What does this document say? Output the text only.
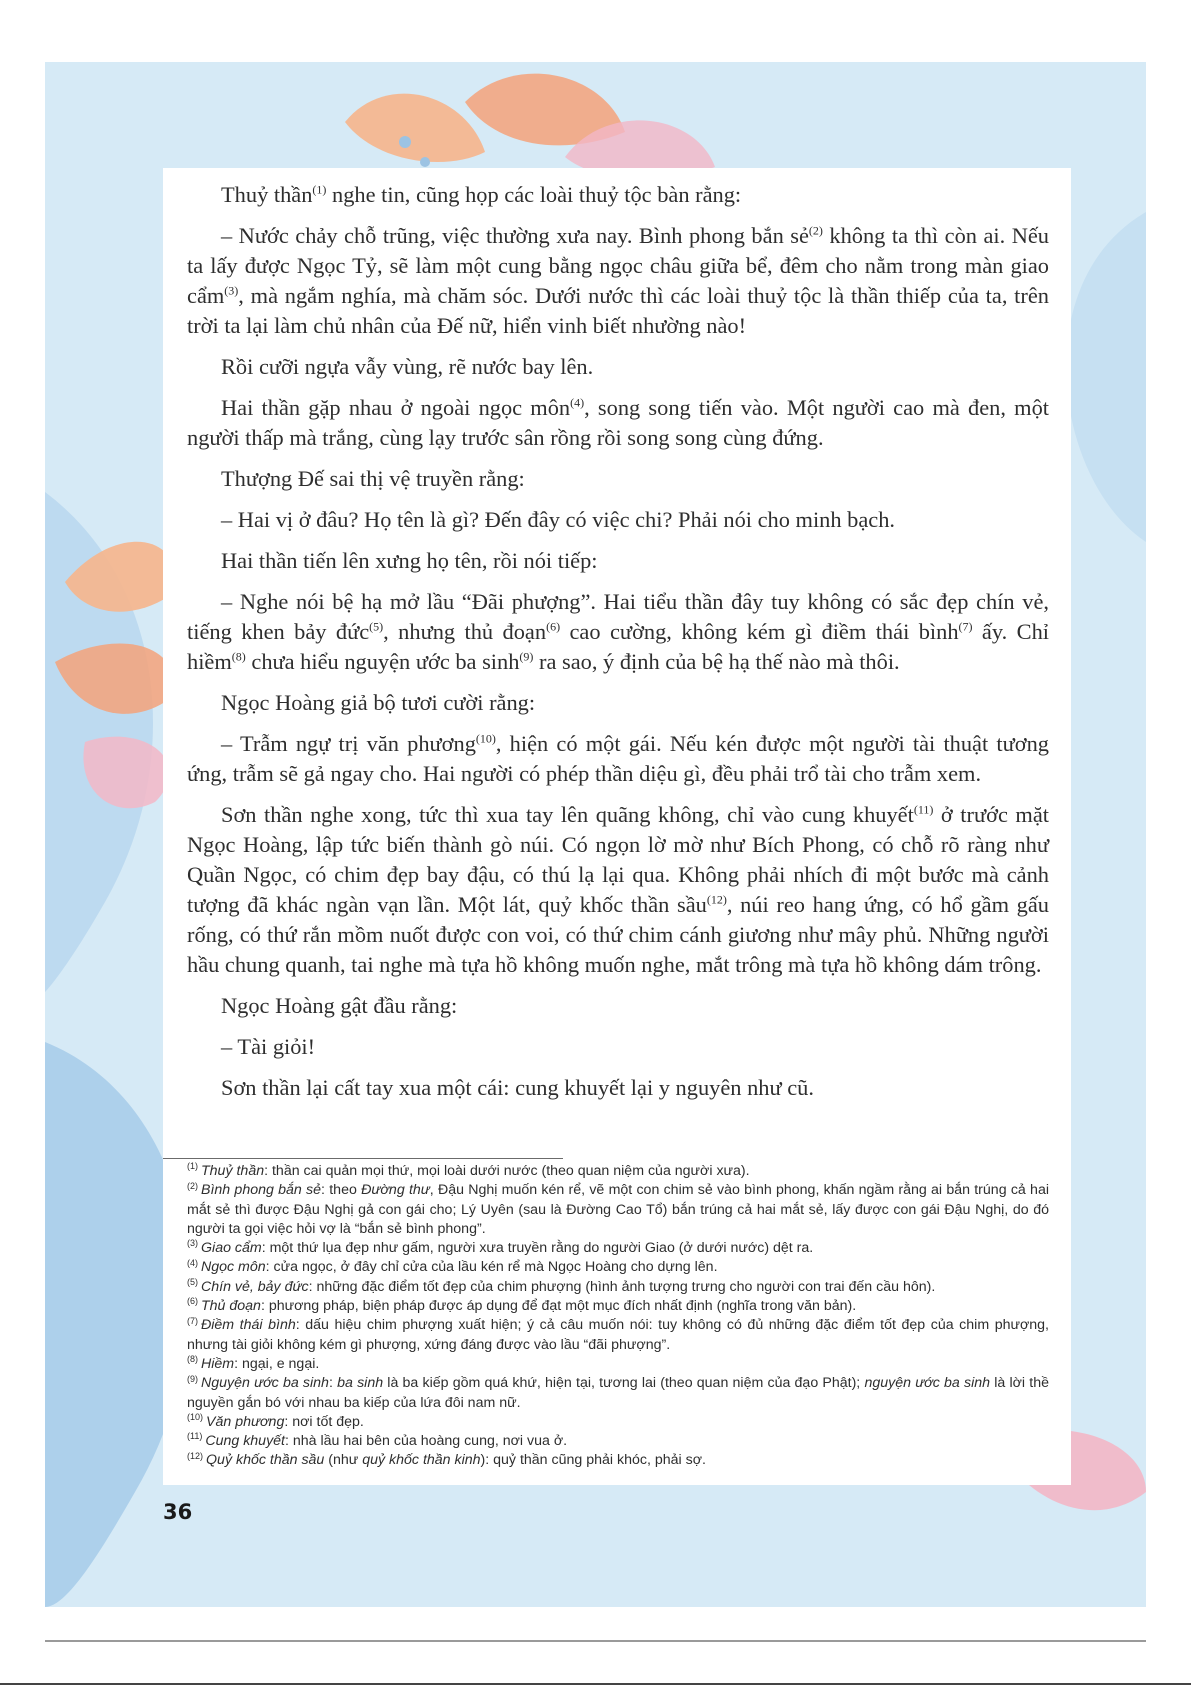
Thuỷ thần$^{(1)}$ nghe tin, cũng họp các loài thuỷ tộc bàn rằng:

– Nước chảy chỗ trũng, việc thường xưa nay. Bình phong bắn sẻ$^{(2)}$ không ta thì còn ai. Nếu ta lấy được Ngọc Tỷ, sẽ làm một cung bằng ngọc châu giữa bể, đêm cho nằm trong màn giao cẩm$^{(3)}$, mà ngắm nghía, mà chăm sóc. Dưới nước thì các loài thuỷ tộc là thần thiếp của ta, trên trời ta lại làm chủ nhân của Đế nữ, hiển vinh biết nhường nào!

Rồi cưỡi ngựa vẫy vùng, rẽ nước bay lên.

Hai thần gặp nhau ở ngoài ngọc môn$^{(4)}$, song song tiến vào. Một người cao mà đen, một người thấp mà trắng, cùng lạy trước sân rồng rồi song song cùng đứng.

Thượng Đế sai thị vệ truyền rằng:

– Hai vị ở đâu? Họ tên là gì? Đến đây có việc chi? Phải nói cho minh bạch.

Hai thần tiến lên xưng họ tên, rồi nói tiếp:

– Nghe nói bệ hạ mở lầu “Đãi phượng”. Hai tiểu thần đây tuy không có sắc đẹp chín vẻ, tiếng khen bảy đức$^{(5)}$, nhưng thủ đoạn$^{(6)}$ cao cường, không kém gì điềm thái bình$^{(7)}$ ấy. Chỉ hiềm$^{(8)}$ chưa hiểu nguyện ước ba $\sinh^{(9)}$ ra sao, ý định của bệ hạ thế nào mà thôi.

Ngọc Hoàng giả bộ tươi cười rằng:

– Trẫm ngự trị văn phương$^{(10)}$, hiện có một gái. Nếu kén được một người tài thuật tương ứng, trẫm sẽ gả ngay cho. Hai người có phép thần diệu gì, đều phải trổ tài cho trẫm xem.

Sơn thần nghe xong, tức thì xua tay lên quãng không, chỉ vào cung khuyết$^{(11)}$ ở trước mặt Ngọc Hoàng, lập tức biến thành gò núi. Có ngọn lờ mờ như Bích Phong, có chỗ rõ ràng như Quần Ngọc, có chim đẹp bay đậu, có thú lạ lại qua. Không phải nhích đi một bước mà cảnh tượng đã khác ngàn vạn lần. Một lát, quỷ khốc thần sầu$^{(12)}$, núi reo hang ứng, có hổ gầm gấu rống, có thứ rắn mồm nuốt được con voi, có thứ chim cánh giương như mây phủ. Những người hầu chung quanh, tai nghe mà tựa hồ không muốn nghe, mắt trông mà tựa hồ không dám trông.

Ngọc Hoàng gật đầu rằng:

– Tài giỏi!

Sơn thần lại cất tay xua một cái: cung khuyết lại y nguyên như cũ.

$^{(1)}$ Thuỷ thần: thần cai quản mọi thứ, mọi loài dưới nước (theo quan niệm của người xưa).
$^{(2)}$ Bình phong bắn sẻ: theo Đường thư, Đậu Nghị muốn kén rể, vẽ một con chim sẻ vào bình phong, khấn ngầm rằng ai bắn trúng cả hai mắt sẻ thì được Đậu Nghị gả con gái cho; Lý Uyên (sau là Đường Cao Tổ) bắn trúng cả hai mắt sẻ, lấy được con gái Đậu Nghị, do đó người ta gọi việc hỏi vợ là “bắn sẻ bình phong”.
$^{(3)}$ Giao cẩm: một thứ lụa đẹp như gấm, người xưa truyền rằng do người Giao (ở dưới nước) dệt ra.
$^{(4)}$ Ngọc môn: cửa ngọc, ở đây chỉ cửa của lầu kén rể mà Ngọc Hoàng cho dựng lên.
$^{(5)}$ Chín vẻ, bảy đức: những đặc điểm tốt đẹp của chim phượng (hình ảnh tượng trưng cho người con trai đến cầu hôn).
$^{(6)}$ Thủ đoạn: phương pháp, biện pháp được áp dụng để đạt một mục đích nhất định (nghĩa trong văn bản).
$^{(7)}$ Điềm thái bình: dấu hiệu chim phượng xuất hiện; ý cả câu muốn nói: tuy không có đủ những đặc điểm tốt đẹp của chim phượng, nhưng tài giỏi không kém gì phượng, xứng đáng được vào lầu “đãi phượng”.
$^{(8)}$ Hiềm: ngại, e ngại.
$^{(9)}$ Nguyện ước ba sinh: ba sinh là ba kiếp gồm quá khứ, hiện tại, tương lai (theo quan niệm của đạo Phật); nguyện ước ba sinh là lời thề nguyền gắn bó với nhau ba kiếp của lứa đôi nam nữ.
$^{(10)}$ Văn phương: nơi tốt đẹp.
$^{(11)}$ Cung khuyết: nhà lầu hai bên của hoàng cung, nơi vua ở.
$^{(12)}$ Quỷ khốc thần sầu (như quỷ khốc thần kinh): quỷ thần cũng phải khóc, phải sợ.
36
